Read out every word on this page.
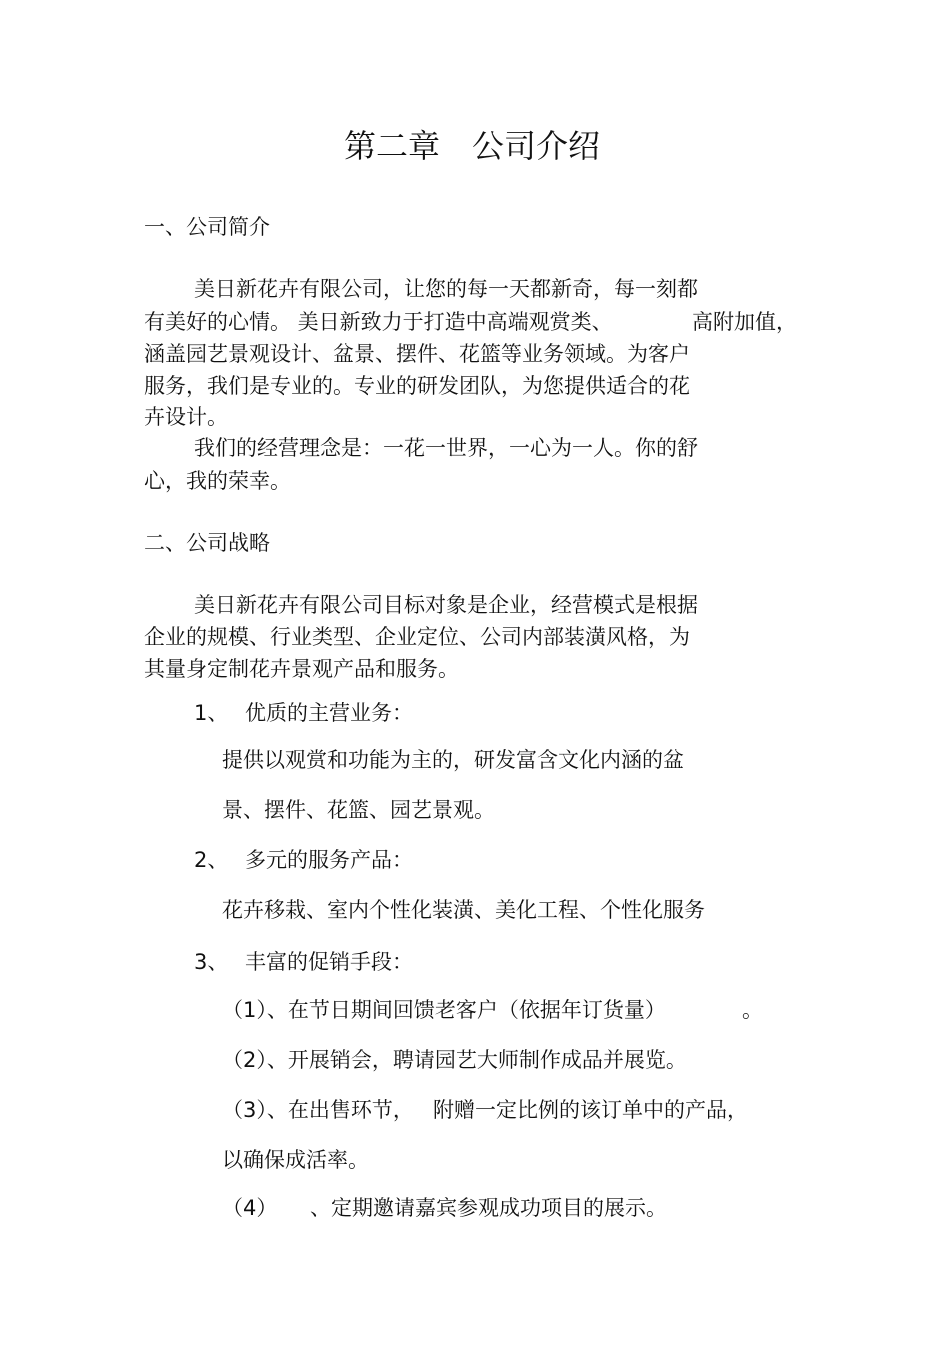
第二章　公司介绍
一、公司简介

美日新花卉有限公司，让您的每一天都新奇，每一刻都

有美好的心情。 美日新致力于打造中高端观赏类、	高附加值，

涵盖园艺景观设计、盆景、摆件、花篮等业务领域。为客户

服务，我们是专业的。专业的研发团队，为您提供适合的花

卉设计。

我们的经营理念是：一花一世界，一心为一人。你的舒

心，我的荣幸。

二、公司战略

美日新花卉有限公司目标对象是企业，经营模式是根据

企业的规模、行业类型、企业定位、公司内部装潢风格，为

其量身定制花卉景观产品和服务。

1、 优质的主营业务：

提供以观赏和功能为主的，研发富含文化内涵的盆

景、摆件、花篮、园艺景观。

2、 多元的服务产品：

花卉移栽、室内个性化装潢、美化工程、个性化服务

3、 丰富的促销手段：

（1）、在节日期间回馈老客户（依据年订货量）	。

（2）、开展销会，聘请园艺大师制作成品并展览。

（3）、在出售环节， 附赠一定比例的该订单中的产品，

以确保成活率。

（4） 、定期邀请嘉宾参观成功项目的展示。
